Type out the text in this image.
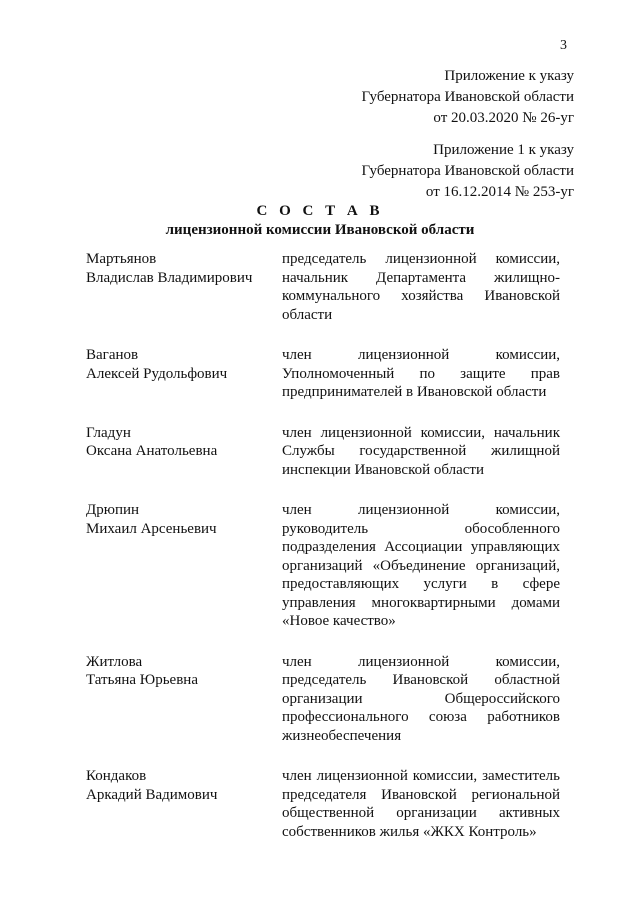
3
Приложение к указу
Губернатора Ивановской области
от 20.03.2020 № 26-уг
Приложение 1 к указу
Губернатора Ивановской области
от 16.12.2014 № 253-уг
С О С Т А В
лицензионной комиссии Ивановской области
Мартьянов
Владислав Владимирович
председатель лицензионной комиссии, начальник Департамента жилищно-коммунального хозяйства Ивановской области
Ваганов
Алексей Рудольфович
член лицензионной комиссии, Уполномоченный по защите прав предпринимателей в Ивановской области
Гладун
Оксана Анатольевна
член лицензионной комиссии, начальник Службы государственной жилищной инспекции Ивановской области
Дрюпин
Михаил Арсеньевич
член лицензионной комиссии, руководитель обособленного подразделения Ассоциации управляющих организаций «Объединение организаций, предоставляющих услуги в сфере управления многоквартирными домами «Новое качество»
Житлова
Татьяна Юрьевна
член лицензионной комиссии, председатель Ивановской областной организации Общероссийского профессионального союза работников жизнеобеспечения
Кондаков
Аркадий Вадимович
член лицензионной комиссии, заместитель председателя Ивановской региональной общественной организации активных собственников жилья «ЖКХ Контроль»
